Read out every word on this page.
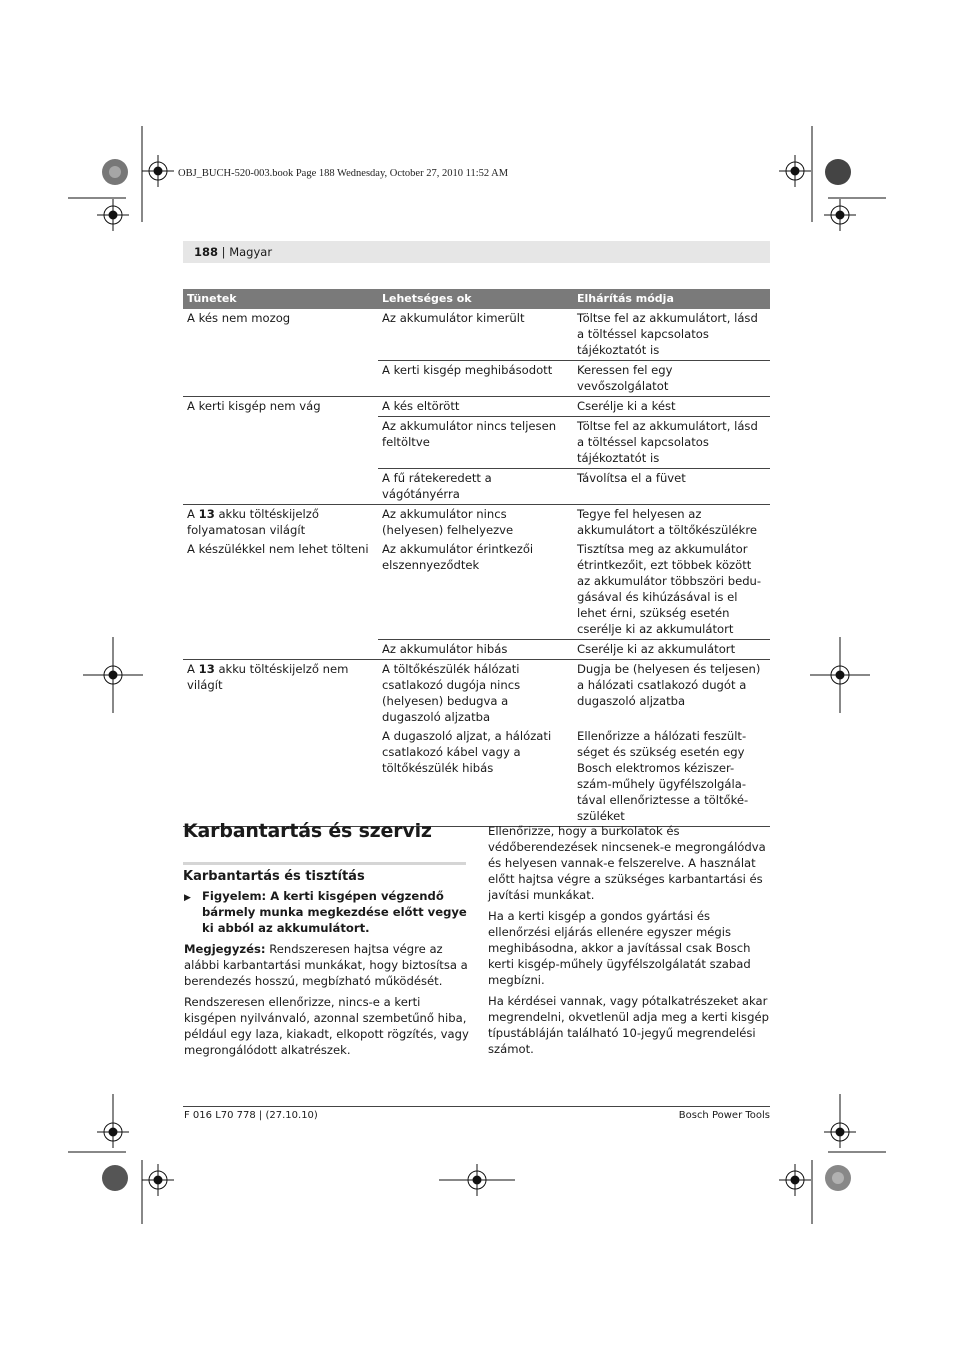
OBJ_BUCH-520-003.book Page 188 Wednesday, October 27, 2010 11:52 AM
188 | Magyar
Tünetek	Lehetséges ok	Elhárítás módja
A kés nem mozog	Az akkumulátor kimerült	Töltse fel az akkumulátort, lásd a töltéssel kapcsolatos tájékoztatót is
	A kerti kisgép meghibásodott	Keressen fel egy vevőszolgálatot
A kerti kisgép nem vág	A kés eltörött	Cserélje ki a kést
	Az akkumulátor nincs teljesen feltöltve	Töltse fel az akkumulátort, lásd a töltéssel kapcsolatos tájékoztatót is
	A fű rátekeredett a vágótányérra	Távolítsa el a füvet
A 13 akku töltéskijelző folyamatosan világít	Az akkumulátor nincs (helyesen) felhelyezve	Tegye fel helyesen az akkumulátort a töltőkészülékre
A készülékkel nem lehet tölteni	Az akkumulátor érintkezői elszennyeződtek	Tisztítsa meg az akkumulátor étrintkezőit, ezt többek között az akkumulátor többszöri bedu-gásával és kihúzásával is el lehet érni, szükség esetén cserélje ki az akkumulátort
	Az akkumulátor hibás	Cserélje ki az akkumulátort
A 13 akku töltéskijelző nem világít	A töltőkészülék hálózati csatlakozó dugója nincs (helyesen) bedugva a dugaszoló aljzatba	Dugja be (helyesen és teljesen) a hálózati csatlakozó dugót a dugaszoló aljzatba
	A dugaszoló aljzat, a hálózati csatlakozó kábel vagy a töltőkészülék hibás	Ellenőrizze a hálózati feszült-séget és szükség esetén egy Bosch elektromos kéziszer-szám-műhely ügyfélszolgála-tával ellenőriztesse a töltőké-szüléket
Karbantartás és szerviz
Karbantartás és tisztítás

▶ Figyelem: A kerti kisgépen végzendő bármely munka megkezdése előtt vegye ki abból az akkumulátort.

Megjegyzés: Rendszeresen hajtsa végre az alábbi karbantartási munkákat, hogy biztosítsa a berendezés hosszú, megbízható működését.

Rendszeresen ellenőrizze, nincs-e a kerti kisgépen nyilvánvaló, azonnal szembetűnő hiba, például egy laza, kiakadt, elkopott rögzítés, vagy megrongálódott alkatrészek.

Ellenőrizze, hogy a burkolatok és védőberendezések nincsenek-e megrongálódva és helyesen vannak-e felszerelve. A használat előtt hajtsa végre a szükséges karbantartási és javítási munkákat.

Ha a kerti kisgép a gondos gyártási és ellenőrzési eljárás ellenére egyszer mégis meghibásodna, akkor a javítással csak Bosch kerti kisgép-műhely ügyfélszolgálatát szabad megbízni.

Ha kérdései vannak, vagy pótalkatrészeket akar megrendelni, okvetlenül adja meg a kerti kisgép típustábláján található 10-jegyű megrendelési számot.

F 016 L70 778 | (27.10.10)	Bosch Power Tools
